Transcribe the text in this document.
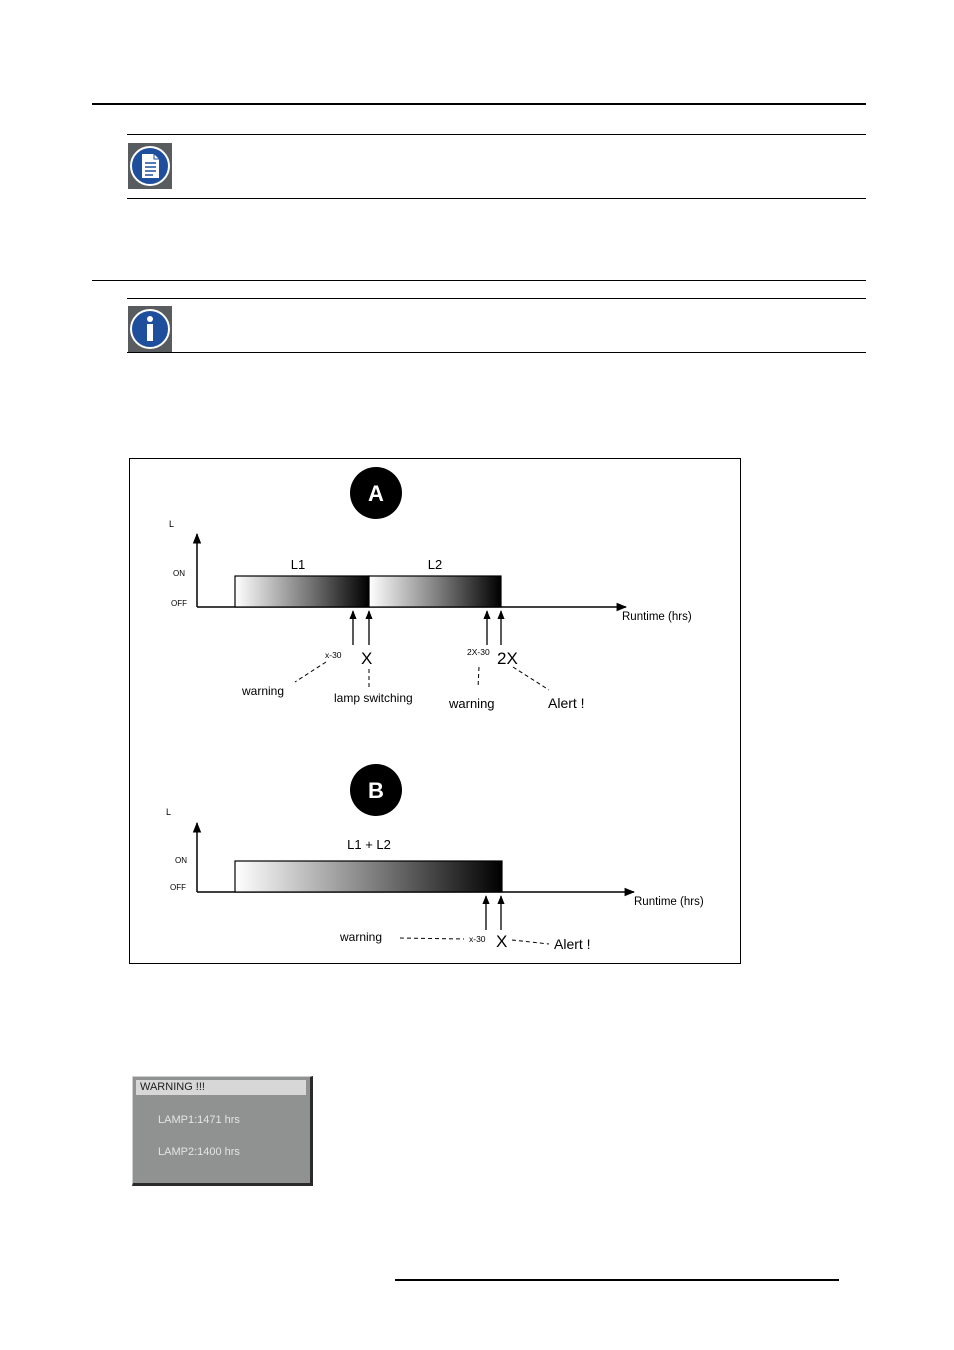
A
L
ON
OFF
L1	L2
Runtime (hrs)
x-30 X	2X-30 2X
warning	lamp switching	warning	Alert !
B
L
ON
OFF
L1 + L2
Runtime (hrs)
warning	x-30 X	Alert !
WARNING !!!
LAMP1:1471 hrs
LAMP2:1400 hrs
